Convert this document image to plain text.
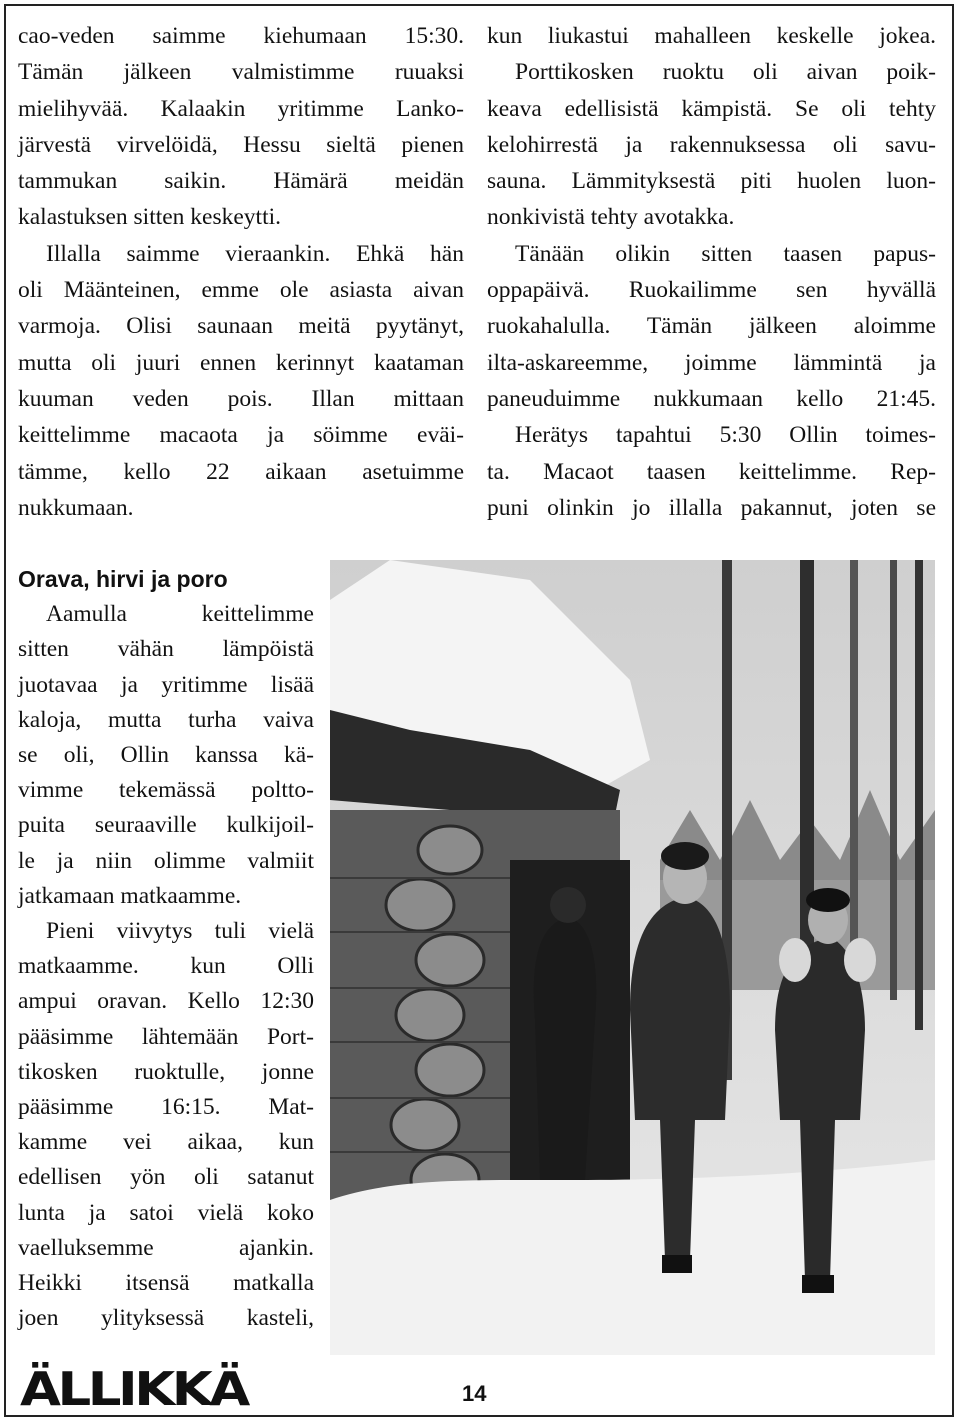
cao-veden saimme kiehumaan 15:30.
Tämän jälkeen valmistimme ruuaksi
mielihyvää. Kalaakin yritimme Lanko-
järvestä virvelöidä, Hessu sieltä pienen
tammukan saikin. Hämärä meidän
kalastuksen sitten keskeytti.
Illalla saimme vieraankin. Ehkä hän
oli Määnteinen, emme ole asiasta aivan
varmoja. Olisi saunaan meitä pyytänyt,
mutta oli juuri ennen kerinnyt kaataman
kuuman veden pois. Illan mittaan
keittelimme macaota ja söimme eväi-
tämme, kello 22 aikaan asetuimme
nukkumaan.
kun liukastui mahalleen keskelle jokea.
Porttikosken ruoktu oli aivan poik-
keava edellisistä kämpistä. Se oli tehty
kelohirrestä ja rakennuksessa oli savu-
sauna. Lämmityksestä piti huolen luon-
nonkivistä tehty avotakka.
Tänään olikin sitten taasen papus-
oppapäivä. Ruokailimme sen hyvällä
ruokahalulla. Tämän jälkeen aloimme
ilta-askareemme, joimme lämmintä ja
paneuduimme nukkumaan kello 21:45.
Herätys tapahtui 5:30 Ollin toimes-
ta. Macaot taasen keittelimme. Rep-
puni olinkin jo illalla pakannut, joten se
Orava, hirvi ja poro
Aamulla keittelimme
sitten vähän lämpöistä
juotavaa ja yritimme lisää
kaloja, mutta turha vaiva
se oli, Ollin kanssa kä-
vimme tekemässä poltto-
puita seuraaville kulkijoil-
le ja niin olimme valmiit
jatkamaan matkaamme.
Pieni viivytys tuli vielä
matkaamme. kun Olli
ampui oravan. Kello 12:30
pääsimme lähtemään Port-
tikosken ruoktulle, jonne
pääsimme 16:15. Mat-
kamme vei aikaa, kun
edellisen yön oli satanut
lunta ja satoi vielä koko
vaelluksemme ajankin.
Heikki itsensä matkalla
joen ylityksessä kasteli,
ÄLLIKKÄ	14
